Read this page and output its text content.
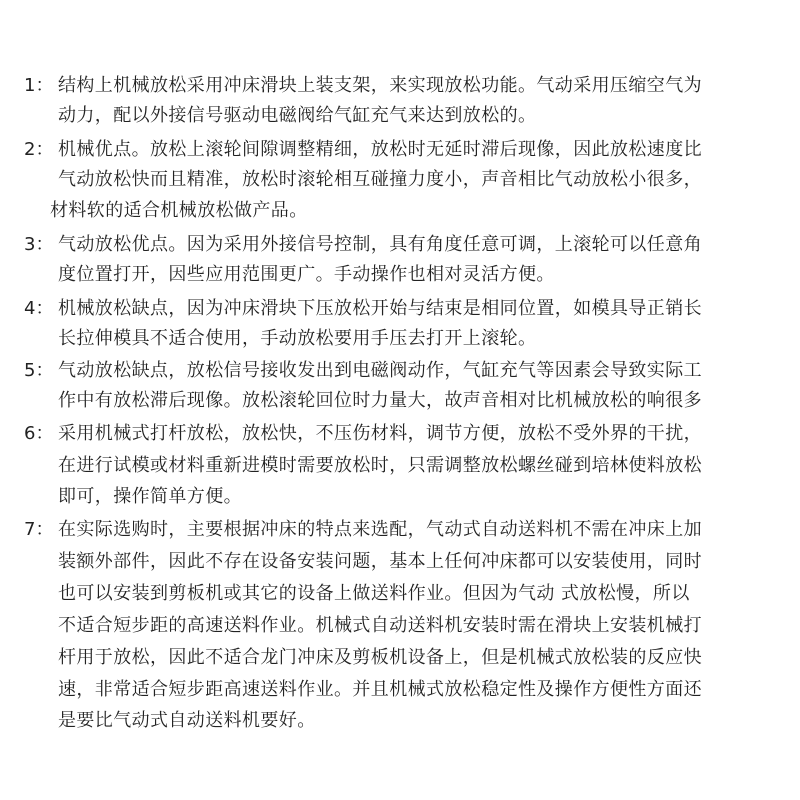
1： 结构上机械放松采用冲床滑块上装支架，来实现放松功能。气动采用压缩空气为
动力，配以外接信号驱动电磁阀给气缸充气来达到放松的。
2： 机械优点。放松上滚轮间隙调整精细，放松时无延时滞后现像，因此放松速度比
气动放松快而且精准，放松时滚轮相互碰撞力度小，声音相比气动放松小很多，
材料软的适合机械放松做产品。
3： 气动放松优点。因为采用外接信号控制，具有角度任意可调，上滚轮可以任意角
度位置打开，因些应用范围更广。手动操作也相对灵活方便。
4： 机械放松缺点，因为冲床滑块下压放松开始与结束是相同位置，如模具导正销长
长拉伸模具不适合使用，手动放松要用手压去打开上滚轮。
5： 气动放松缺点，放松信号接收发出到电磁阀动作，气缸充气等因素会导致实际工
作中有放松滞后现像。放松滚轮回位时力量大，故声音相对比机械放松的响很多
6： 采用机械式打杆放松，放松快，不压伤材料，调节方便，放松不受外界的干扰，
在进行试模或材料重新进模时需要放松时，只需调整放松螺丝碰到培林使料放松
即可，操作简单方便。
7： 在实际选购时，主要根据冲床的特点来选配，气动式自动送料机不需在冲床上加
装额外部件，因此不存在设备安装问题，基本上任何冲床都可以安装使用，同时
也可以安装到剪板机或其它的设备上做送料作业。但因为气动 式放松慢，所以
不适合短步距的高速送料作业。机械式自动送料机安装时需在滑块上安装机械打
杆用于放松，因此不适合龙门冲床及剪板机设备上，但是机械式放松装的反应快
速，非常适合短步距高速送料作业。并且机械式放松稳定性及操作方便性方面还
是要比气动式自动送料机要好。
